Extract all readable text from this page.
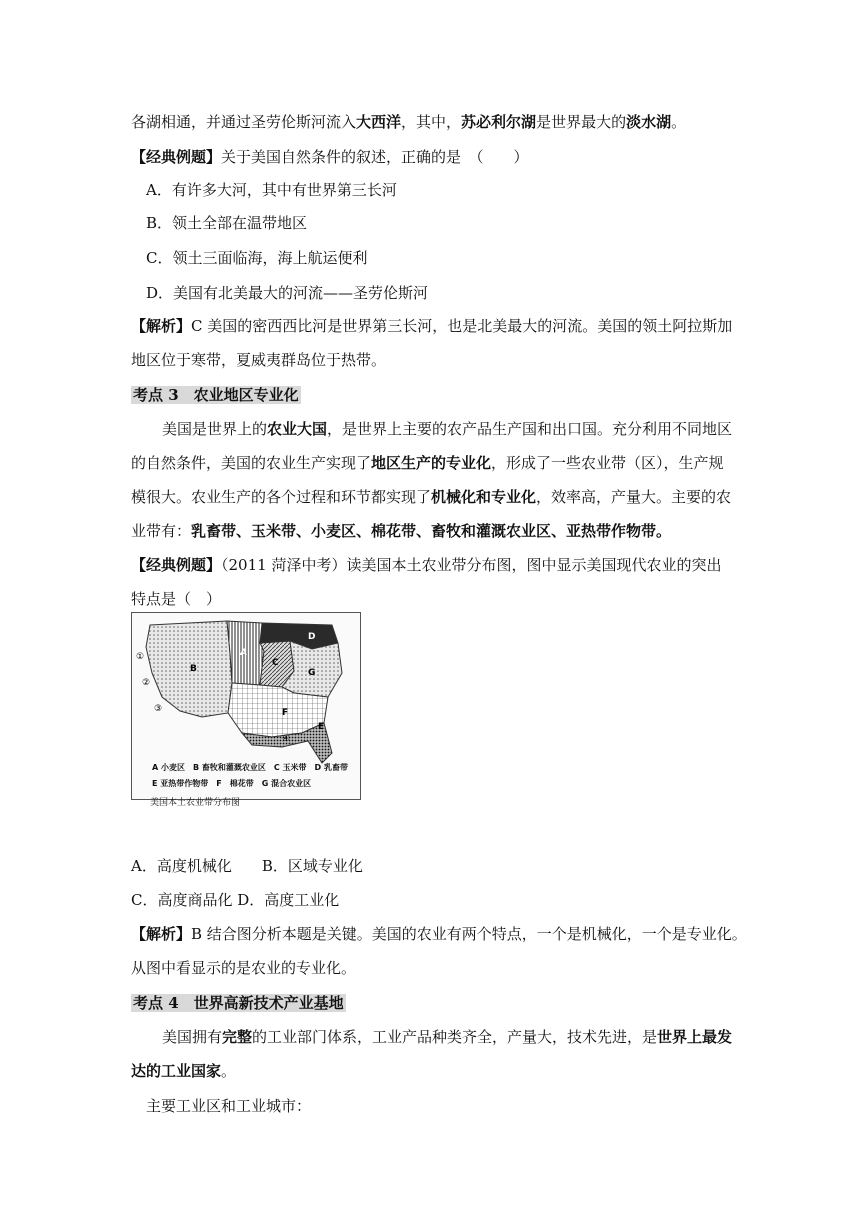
各湖相通，并通过圣劳伦斯河流入大西洋，其中，苏必利尔湖是世界最大的淡水湖。
【经典例题】关于美国自然条件的叙述，正确的是　（　　）
A．有许多大河，其中有世界第三长河
B．领土全部在温带地区
C．领土三面临海，海上航运便利
D．美国有北美最大的河流——圣劳伦斯河
【解析】C 美国的密西西比河是世界第三长河，也是北美最大的河流。美国的领土阿拉斯加
地区位于寒带，夏威夷群岛位于热带。
考点 3　农业地区专业化
美国是世界上的农业大国，是世界上主要的农产品生产国和出口国。充分利用不同地区
的自然条件，美国的农业生产实现了地区生产的专业化，形成了一些农业带（区），生产规
模很大。农业生产的各个过程和环节都实现了机械化和专业化，效率高，产量大。主要的农
业带有：乳畜带、玉米带、小麦区、棉花带、畜牧和灌溉农业区、亚热带作物带。
【经典例题】（2011 菏泽中考）读美国本土农业带分布图，图中显示美国现代农业的突出
特点是（　）
B
A
C
D
G
F
E
①
②
③
④
A 小麦区　B 畜牧和灌溉农业区　C 玉米带　D 乳畜带
E 亚热带作物带　F　棉花带　G 混合农业区
美国本土农业带分布图
A．高度机械化　　B．区域专业化
C．高度商品化 D．高度工业化
【解析】B 结合图分析本题是关键。美国的农业有两个特点，一个是机械化，一个是专业化。
从图中看显示的是农业的专业化。
考点 4　世界高新技术产业基地
美国拥有完整的工业部门体系，工业产品种类齐全，产量大，技术先进，是世界上最发
达的工业国家。
主要工业区和工业城市：
